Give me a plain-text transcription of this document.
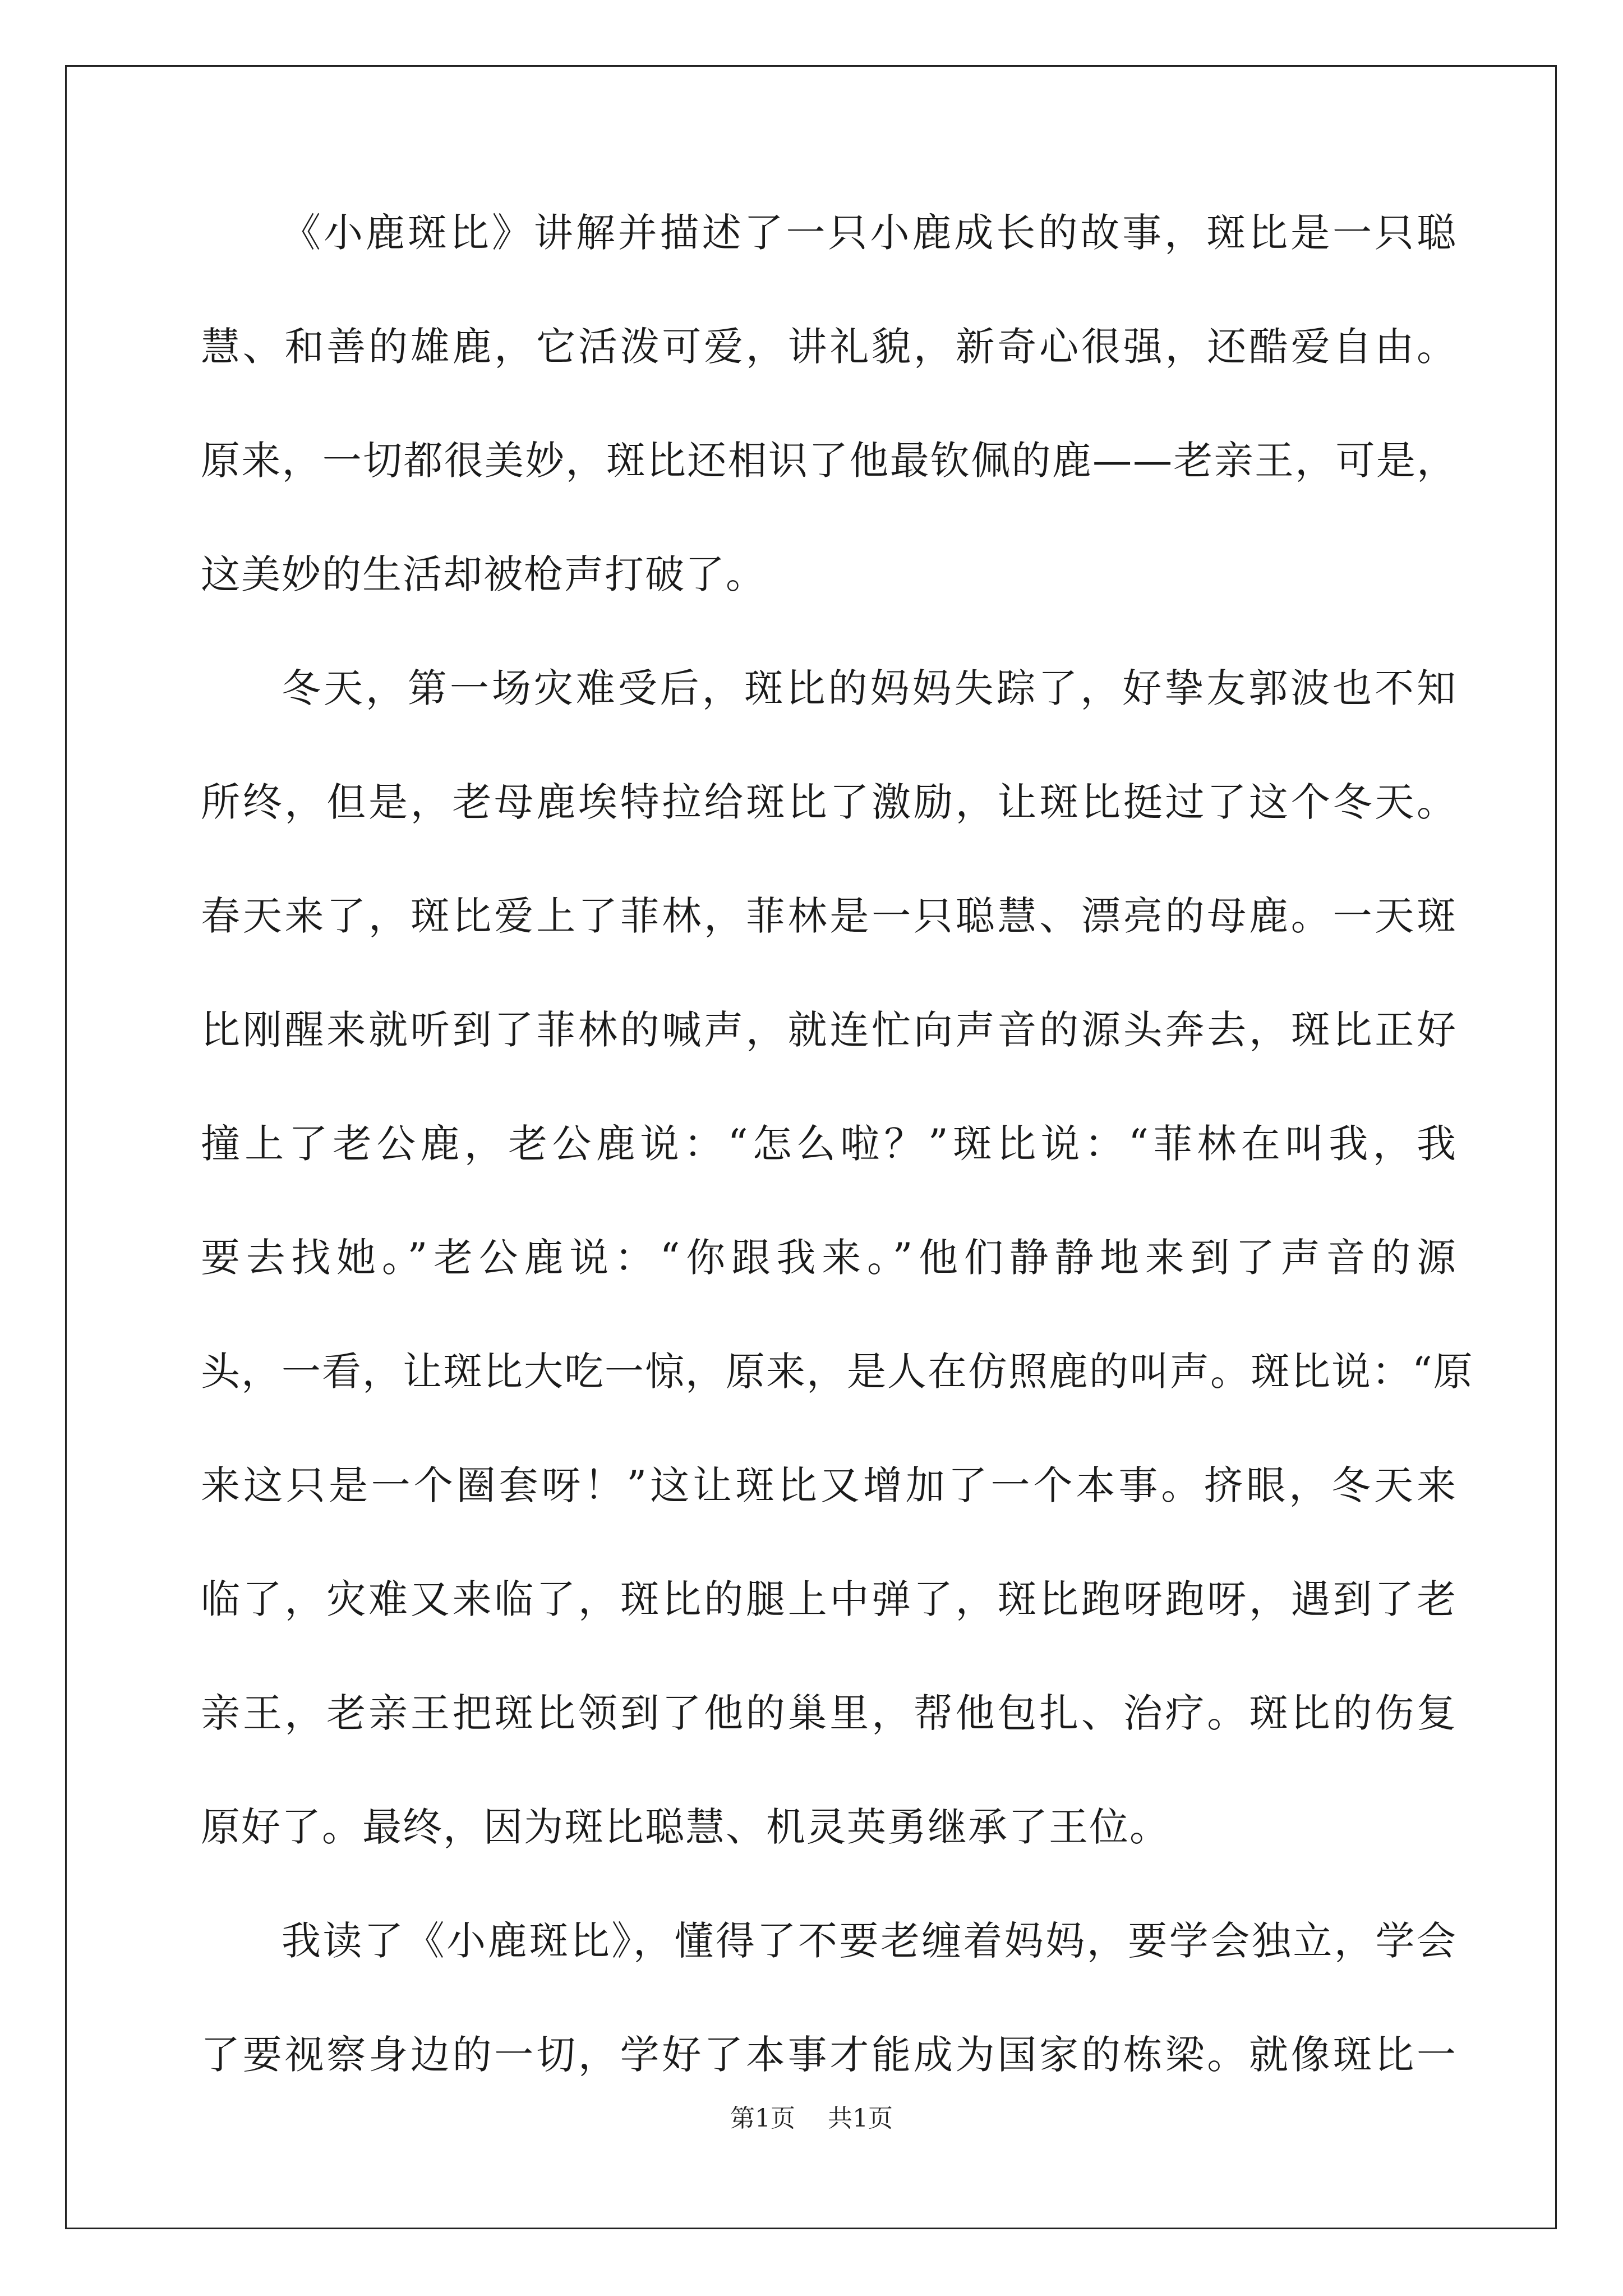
《小鹿斑比》讲解并描述了一只小鹿成长的故事，斑比是一只聪
慧、和善的雄鹿，它活泼可爱，讲礼貌，新奇心很强，还酷爱自由。
原来，一切都很美妙，斑比还相识了他最钦佩的鹿——老亲王，可是，
这美妙的生活却被枪声打破了。
冬天，第一场灾难受后，斑比的妈妈失踪了，好挚友郭波也不知
所终，但是，老母鹿埃特拉给斑比了激励，让斑比挺过了这个冬天。
春天来了，斑比爱上了菲林，菲林是一只聪慧、漂亮的母鹿。一天斑
比刚醒来就听到了菲林的喊声，就连忙向声音的源头奔去，斑比正好
撞上了老公鹿，老公鹿说：“怎么啦？”斑比说：“菲林在叫我，我
要去找她。”老公鹿说：“你跟我来。”他们静静地来到了声音的源
头，一看，让斑比大吃一惊，原来，是人在仿照鹿的叫声。斑比说：“原
来这只是一个圈套呀！”这让斑比又增加了一个本事。挤眼，冬天来
临了，灾难又来临了，斑比的腿上中弹了，斑比跑呀跑呀，遇到了老
亲王，老亲王把斑比领到了他的巢里，帮他包扎、治疗。斑比的伤复
原好了。最终，因为斑比聪慧、机灵英勇继承了王位。
我读了《小鹿斑比》，懂得了不要老缠着妈妈，要学会独立，学会
了要视察身边的一切，学好了本事才能成为国家的栋梁。就像斑比一
第1页 共1页
